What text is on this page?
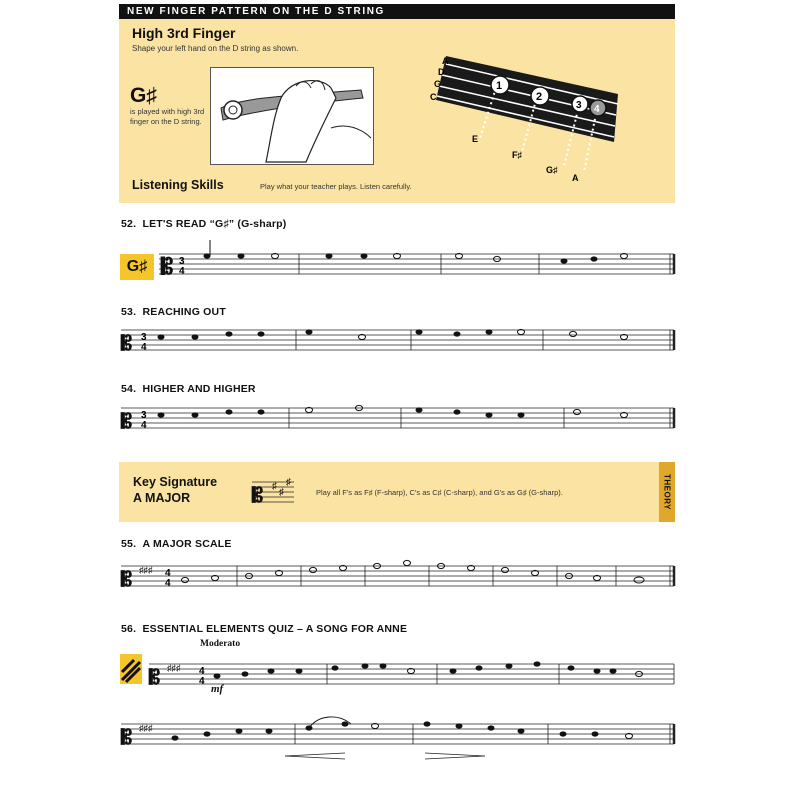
NEW FINGER PATTERN ON THE D STRING
High 3rd Finger
Shape your left hand on the D string as shown.
G♯
is played with high 3rd finger on the D string.
A
D
G
C
1
2
3 4
E
F♯
G♯
A
Listening Skills	Play what your teacher plays. Listen carefully.
52. LET'S READ “G♯” (G-sharp)
G♯ 𝄡 3
4
53. REACHING OUT
𝄡 3
4
54. HIGHER AND HIGHER
𝄡 3
4
Key Signature
A MAJOR	𝄡 ♯
♯
♯
Play all F's as F♯ (F-sharp), C's as C♯ (C-sharp), and G's as G♯ (G-sharp).	THEORY
55. A MAJOR SCALE
𝄡 ♯♯♯ 4
4
56. ESSENTIAL ELEMENTS QUIZ – A SONG FOR ANNE
Moderato
𝄡 ♯♯♯ 4
4
mf
𝄡 ♯♯♯
